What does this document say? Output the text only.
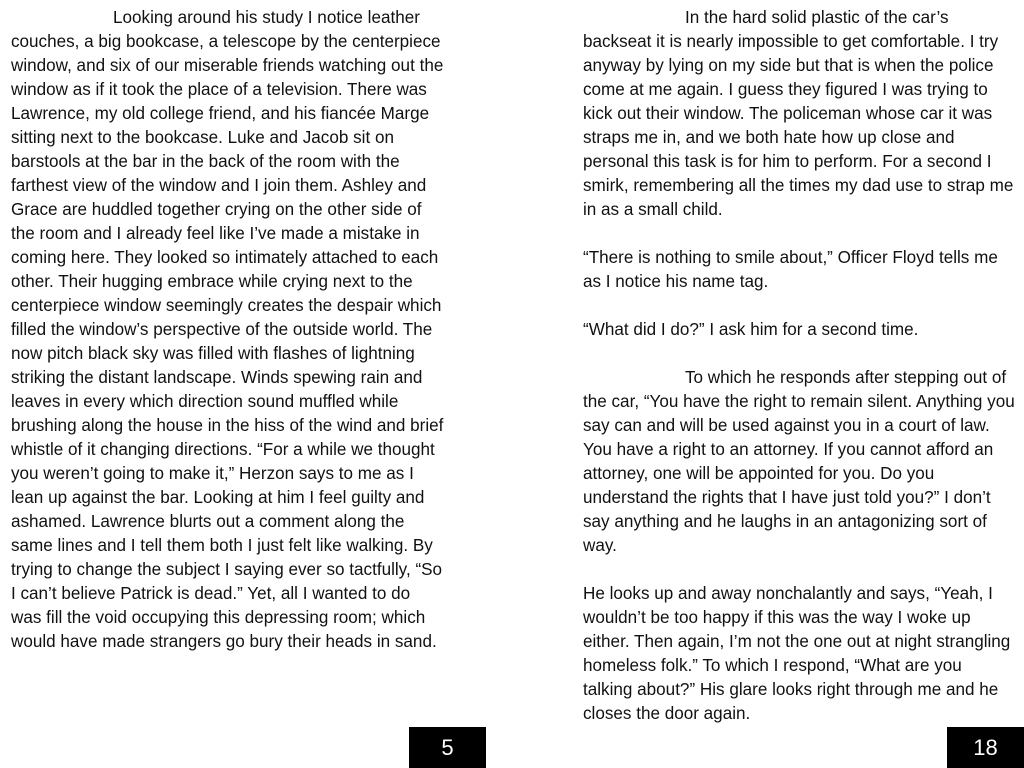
Looking around his study I notice leather couches, a big bookcase, a telescope by the centerpiece window, and six of our miserable friends watching out the window as if it took the place of a television. There was Lawrence, my old college friend, and his fiancée Marge sitting next to the bookcase. Luke and Jacob sit on barstools at the bar in the back of the room with the farthest view of the window and I join them. Ashley and Grace are huddled together crying on the other side of the room and I already feel like I’ve made a mistake in coming here. They looked so intimately attached to each other. Their hugging embrace while crying next to the centerpiece window seemingly creates the despair which filled the window’s perspective of the outside world. The now pitch black sky was filled with flashes of lightning striking the distant landscape. Winds spewing rain and leaves in every which direction sound muffled while brushing along the house in the hiss of the wind and brief whistle of it changing directions. “For a while we thought you weren’t going to make it,” Herzon says to me as I lean up against the bar. Looking at him I feel guilty and ashamed. Lawrence blurts out a comment along the same lines and I tell them both I just felt like walking. By trying to change the subject I saying ever so tactfully, “So I can’t believe Patrick is dead.” Yet, all I wanted to do was fill the void occupying this depressing room; which would have made strangers go bury their heads in sand.

In the hard solid plastic of the car’s backseat it is nearly impossible to get comfortable. I try anyway by lying on my side but that is when the police come at me again. I guess they figured I was trying to kick out their window. The policeman whose car it was straps me in, and we both hate how up close and personal this task is for him to perform. For a second I smirk, remembering all the times my dad use to strap me in as a small child.

“There is nothing to smile about,” Officer Floyd tells me as I notice his name tag.

“What did I do?” I ask him for a second time.

To which he responds after stepping out of the car, “You have the right to remain silent. Anything you say can and will be used against you in a court of law. You have a right to an attorney. If you cannot afford an attorney, one will be appointed for you. Do you understand the rights that I have just told you?” I don’t say anything and he laughs in an antagonizing sort of way.

He looks up and away nonchalantly and says, “Yeah, I wouldn’t be too happy if this was the way I woke up either. Then again, I’m not the one out at night strangling homeless folk.” To which I respond, “What are you talking about?” His glare looks right through me and he closes the door again.

5	18
